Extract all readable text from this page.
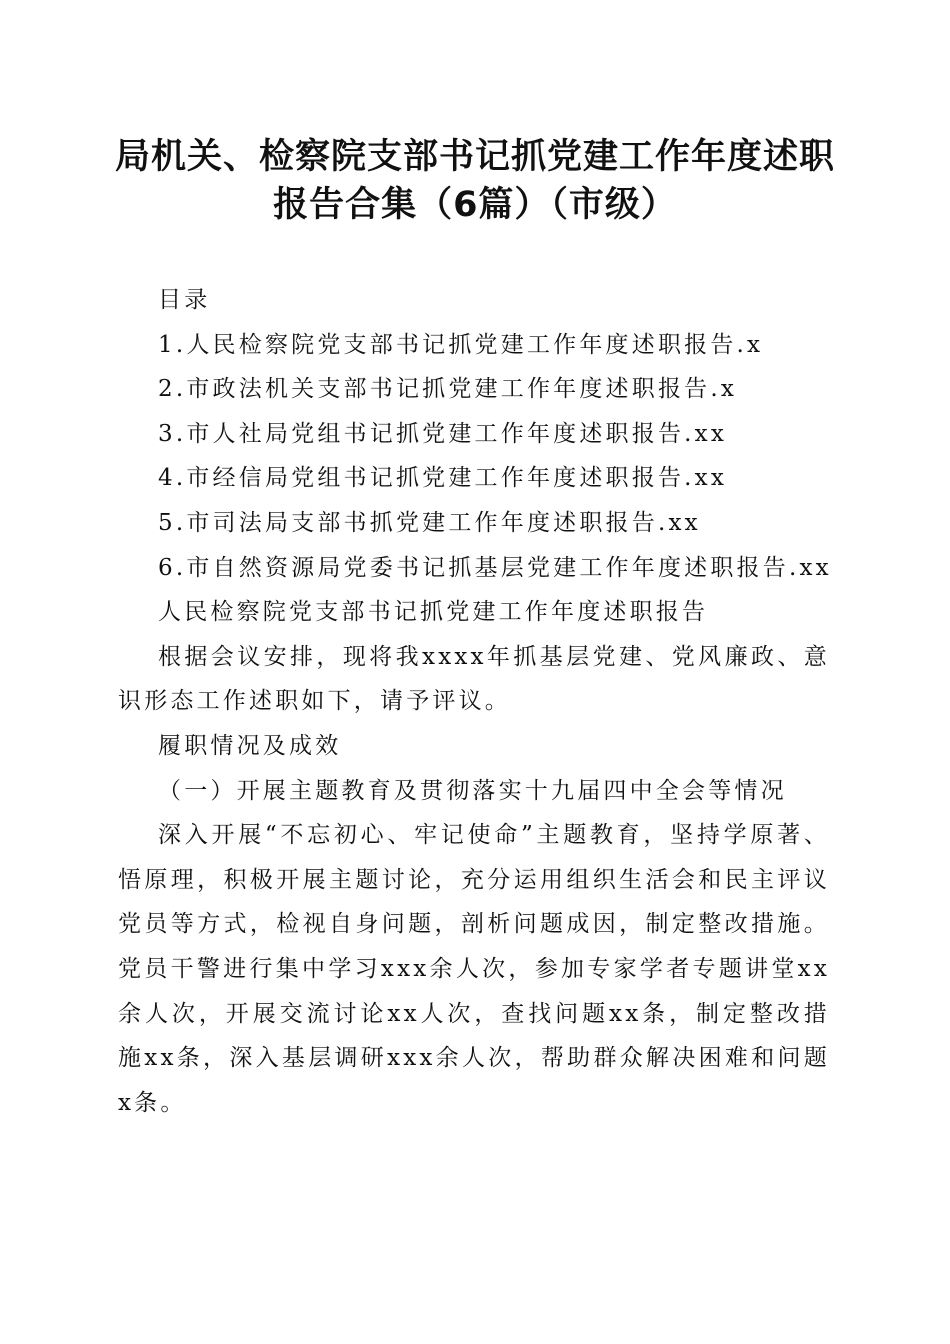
局机关、检察院支部书记抓党建工作年度述职
报告合集（6篇）（市级）
目录
1.人民检察院党支部书记抓党建工作年度述职报告.x
2.市政法机关支部书记抓党建工作年度述职报告.x
3.市人社局党组书记抓党建工作年度述职报告.xx
4.市经信局党组书记抓党建工作年度述职报告.xx
5.市司法局支部书抓党建工作年度述职报告.xx
6.市自然资源局党委书记抓基层党建工作年度述职报告.xx
人民检察院党支部书记抓党建工作年度述职报告
根据会议安排，现将我xxxx年抓基层党建、党风廉政、意识形态工作述职如下，请予评议。
履职情况及成效
（一）开展主题教育及贯彻落实十九届四中全会等情况
深入开展“不忘初心、牢记使命”主题教育，坚持学原著、悟原理，积极开展主题讨论，充分运用组织生活会和民主评议党员等方式，检视自身问题，剖析问题成因，制定整改措施。党员干警进行集中学习xxx余人次，参加专家学者专题讲堂xx余人次，开展交流讨论xx人次，查找问题xx条，制定整改措施xx条，深入基层调研xxx余人次，帮助群众解决困难和问题x条。
